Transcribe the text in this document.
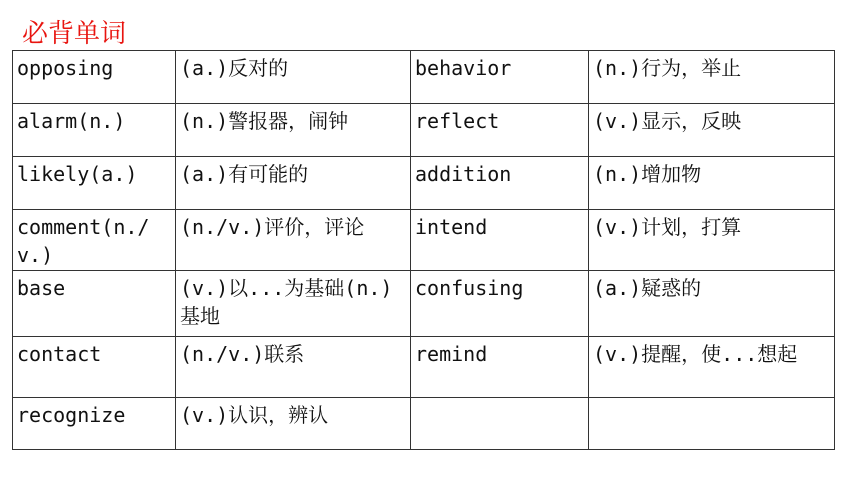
必背单词
opposing	(a.)反对的	behavior	(n.)行为，举止
alarm(n.)	(n.)警报器，闹钟	reflect	(v.)显示，反映
likely(a.)	(a.)有可能的	addition	(n.)增加物
comment(n./v.)	(n./v.)评价，评论	intend	(v.)计划，打算
base	(v.)以...为基础(n.)基地	confusing	(a.)疑惑的
contact	(n./v.)联系	remind	(v.)提醒，使...想起
recognize	(v.)认识，辨认		
